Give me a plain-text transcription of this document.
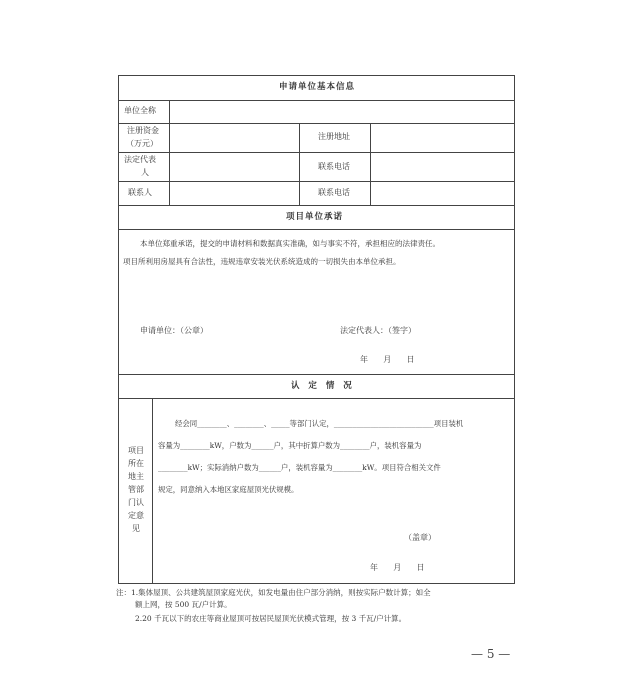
申请单位基本信息
单位全称
注册资金
（万元）
注册地址
法定代表
人
联系电话
联系人	联系电话
项目单位承诺
本单位郑重承诺，提交的申请材料和数据真实准确，如与事实不符，承担相应的法律责任。
项目所利用房屋具有合法性，违规违章安装光伏系统造成的一切损失由本单位承担。
申请单位：（公章）	法定代表人：（签字）
年      月      日
认  定  情  况
项目
所在
地主
管部
门认
定意
见
经会同________、________、_____等部门认定，___________________________项目装机
容量为________kW，户数为______户，其中折算户数为________户，装机容量为
________kW；实际消纳户数为______户，装机容量为________kW。项目符合相关文件
规定，同意纳入本地区家庭屋顶光伏规模。
（盖章）
年      月      日
注：1.集体屋顶、公共建筑屋顶家庭光伏，如发电量由住户部分消纳，则按实际户数计算；如全
额上网，按 500 瓦/户计算。
2.20 千瓦以下的农庄等商业屋顶可按居民屋顶光伏模式管理，按 3 千瓦/户计算。
— 5 —
